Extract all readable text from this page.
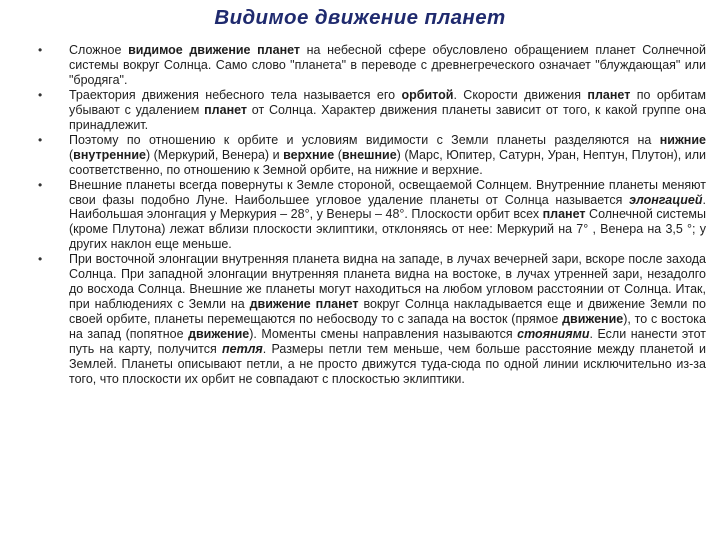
Видимое движение планет
•	Сложное видимое движение планет на небесной сфере обусловлено обращением планет Солнечной системы вокруг Солнца. Само слово "планета" в переводе с древнегреческого означает "блуждающая" или "бродяга".
•	Траектория движения небесного тела называется его орбитой. Скорости движения планет по орбитам убывают с удалением планет от Солнца. Характер движения планеты зависит от того, к какой группе она принадлежит.
•	Поэтому по отношению к орбите и условиям видимости с Земли планеты разделяются на нижние (внутренние) (Меркурий, Венера) и верхние (внешние) (Марс, Юпитер, Сатурн, Уран, Нептун, Плутон), или соответственно, по отношению к Земной орбите, на нижние и верхние.
•	Внешние планеты всегда повернуты к Земле стороной, освещаемой Солнцем. Внутренние планеты меняют свои фазы подобно Луне. Наибольшее угловое удаление планеты от Солнца называется элонгацией. Наибольшая элонгация у Меркурия – 28°, у Венеры – 48°. Плоскости орбит всех планет Солнечной системы (кроме Плутона) лежат вблизи плоскости эклиптики, отклоняясь от нее: Меркурий на 7° , Венера на 3,5 °; у других наклон еще меньше.
•	При восточной элонгации внутренняя планета видна на западе, в лучах вечерней зари, вскоре после захода Солнца. При западной элонгации внутренняя планета видна на востоке, в лучах утренней зари, незадолго до восхода Солнца. Внешние же планеты могут находиться на любом угловом расстоянии от Солнца. Итак, при наблюдениях с Земли на движение планет вокруг Солнца накладывается еще и движение Земли по своей орбите, планеты перемещаются по небосводу то с запада на восток (прямое движение), то с востока на запад (попятное движение). Моменты смены направления называются стояниями. Если нанести этот путь на карту, получится петля. Размеры петли тем меньше, чем больше расстояние между планетой и Землей. Планеты описывают петли, а не просто движутся туда-сюда по одной линии исключительно из-за того, что плоскости их орбит не совпадают с плоскостью эклиптики.
